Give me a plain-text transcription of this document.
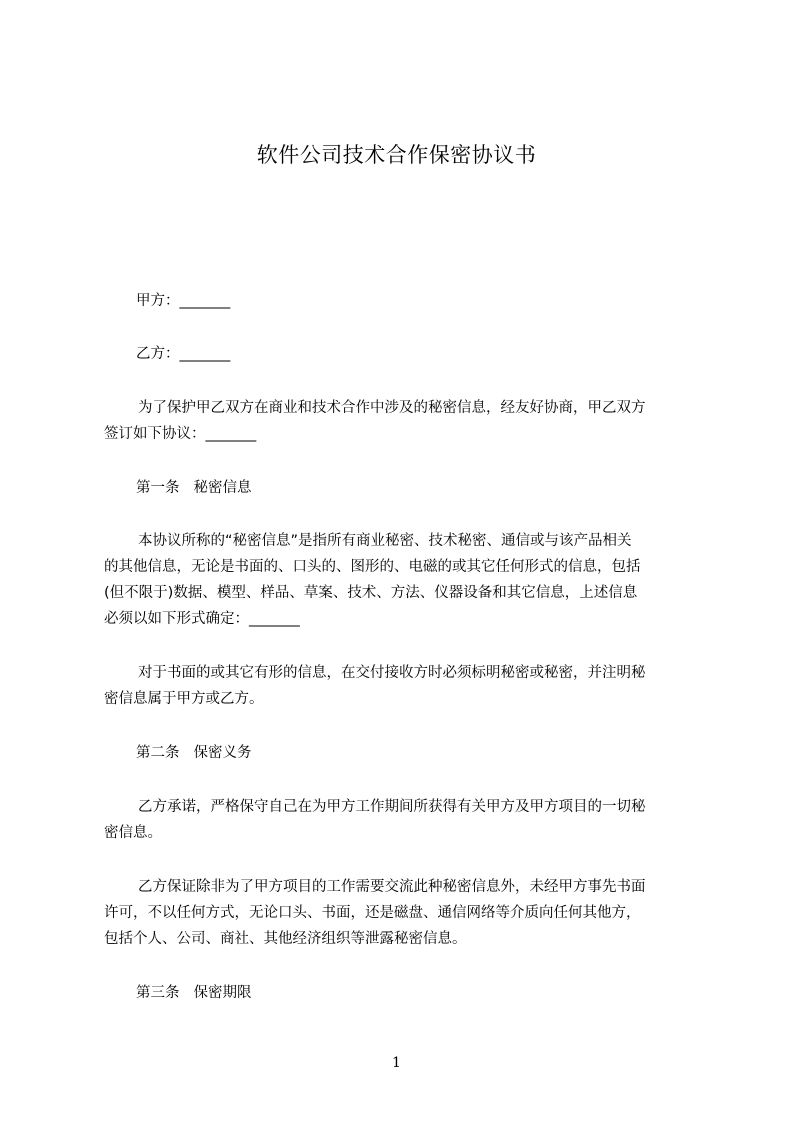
软件公司技术合作保密协议书
甲方：_______
乙方：_______
为了保护甲乙双方在商业和技术合作中涉及的秘密信息，经友好协商，甲乙双方
签订如下协议：_______
第一条 秘密信息
本协议所称的“秘密信息”是指所有商业秘密、技术秘密、通信或与该产品相关
的其他信息，无论是书面的、口头的、图形的、电磁的或其它任何形式的信息，包括
(但不限于)数据、模型、样品、草案、技术、方法、仪器设备和其它信息，上述信息
必须以如下形式确定：_______
对于书面的或其它有形的信息，在交付接收方时必须标明秘密或秘密，并注明秘
密信息属于甲方或乙方。
第二条 保密义务
乙方承诺，严格保守自己在为甲方工作期间所获得有关甲方及甲方项目的一切秘
密信息。
乙方保证除非为了甲方项目的工作需要交流此种秘密信息外，未经甲方事先书面
许可，不以任何方式，无论口头、书面，还是磁盘、通信网络等介质向任何其他方，
包括个人、公司、商社、其他经济组织等泄露秘密信息。
第三条 保密期限
1
